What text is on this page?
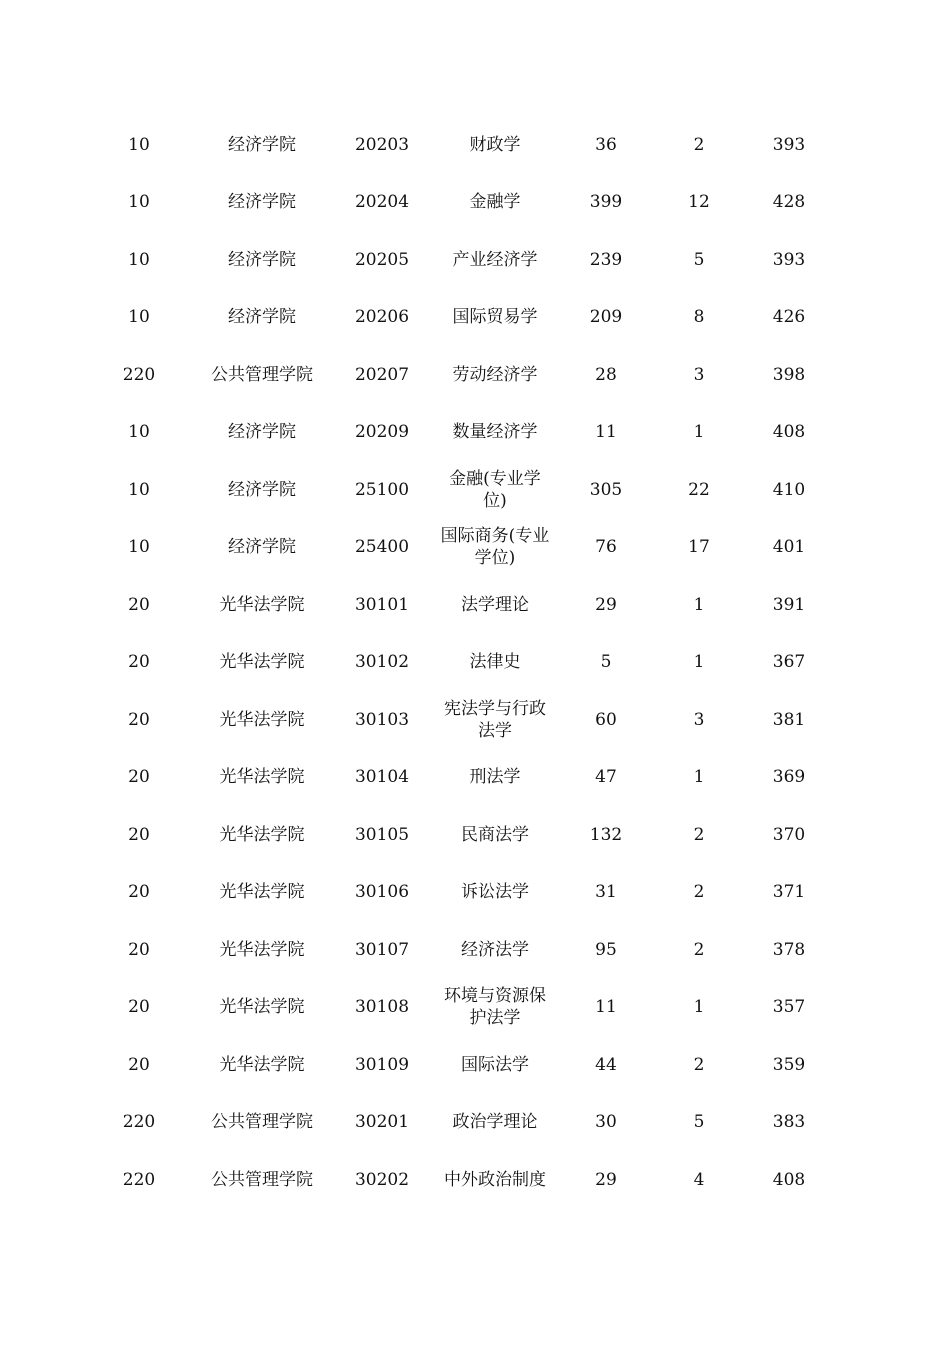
10	经济学院	20203	财政学	36	2	393
10	经济学院	20204	金融学	399	12	428
10	经济学院	20205	产业经济学	239	5	393
10	经济学院	20206	国际贸易学	209	8	426
220	公共管理学院	20207	劳动经济学	28	3	398
10	经济学院	20209	数量经济学	11	1	408
10	经济学院	25100	金融(专业学位)	305	22	410
10	经济学院	25400	国际商务(专业学位)	76	17	401
20	光华法学院	30101	法学理论	29	1	391
20	光华法学院	30102	法律史	5	1	367
20	光华法学院	30103	宪法学与行政法学	60	3	381
20	光华法学院	30104	刑法学	47	1	369
20	光华法学院	30105	民商法学	132	2	370
20	光华法学院	30106	诉讼法学	31	2	371
20	光华法学院	30107	经济法学	95	2	378
20	光华法学院	30108	环境与资源保护法学	11	1	357
20	光华法学院	30109	国际法学	44	2	359
220	公共管理学院	30201	政治学理论	30	5	383
220	公共管理学院	30202	中外政治制度	29	4	408
